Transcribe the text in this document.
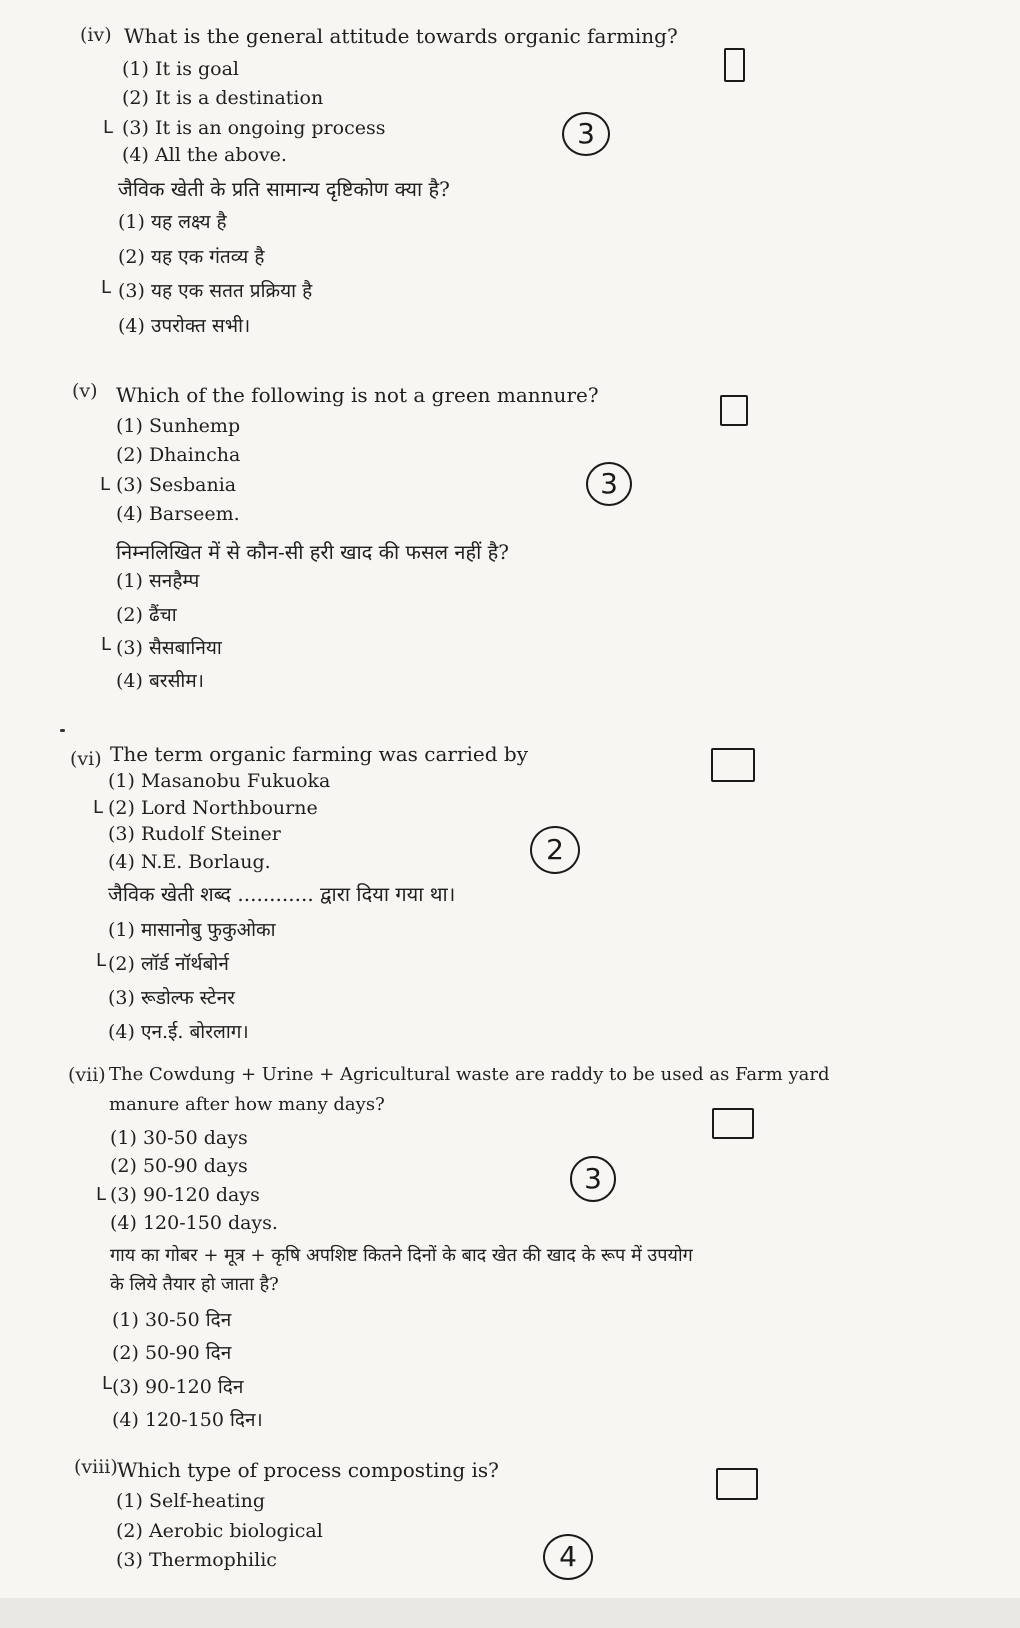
(iv) What is the general attitude towards organic farming?
(1) It is goal
(2) It is a destination
L (3) It is an ongoing process
(4) All the above.
3
जैविक खेती के प्रति सामान्य दृष्टिकोण क्या है?
(1) यह लक्ष्य है
(2) यह एक गंतव्य है
L (3) यह एक सतत प्रक्रिया है
(4) उपरोक्त सभी।
(v) Which of the following is not a green mannure?
(1) Sunhemp
(2) Dhaincha
L (3) Sesbania
(4) Barseem.
3
निम्नलिखित में से कौन-सी हरी खाद की फसल नहीं है?
(1) सनहैम्प
(2) ढैंचा
L (3) सैसबानिया
(4) बरसीम।
(vi) The term organic farming was carried by
(1) Masanobu Fukuoka
L (2) Lord Northbourne
(3) Rudolf Steiner
(4) N.E. Borlaug.	2
जैविक खेती शब्द ............ द्वारा दिया गया था।
(1) मासानोबु फुकुओका
L (2) लॉर्ड नॉर्थबोर्न
(3) रूडोल्फ स्टेनर
(4) एन.ई. बोरलाग।
(vii) The Cowdung + Urine + Agricultural waste are raddy to be used as Farm yard
manure after how many days?
(1) 30-50 days
(2) 50-90 days
L (3) 90-120 days
(4) 120-150 days.
3
गाय का गोबर + मूत्र + कृषि अपशिष्ट कितने दिनों के बाद खेत की खाद के रूप में उपयोग
के लिये तैयार हो जाता है?
(1) 30-50 दिन
(2) 50-90 दिन
L (3) 90-120 दिन
(4) 120-150 दिन।
(viii) Which type of process composting is?
(1) Self-heating
(2) Aerobic biological
(3) Thermophilic	4
